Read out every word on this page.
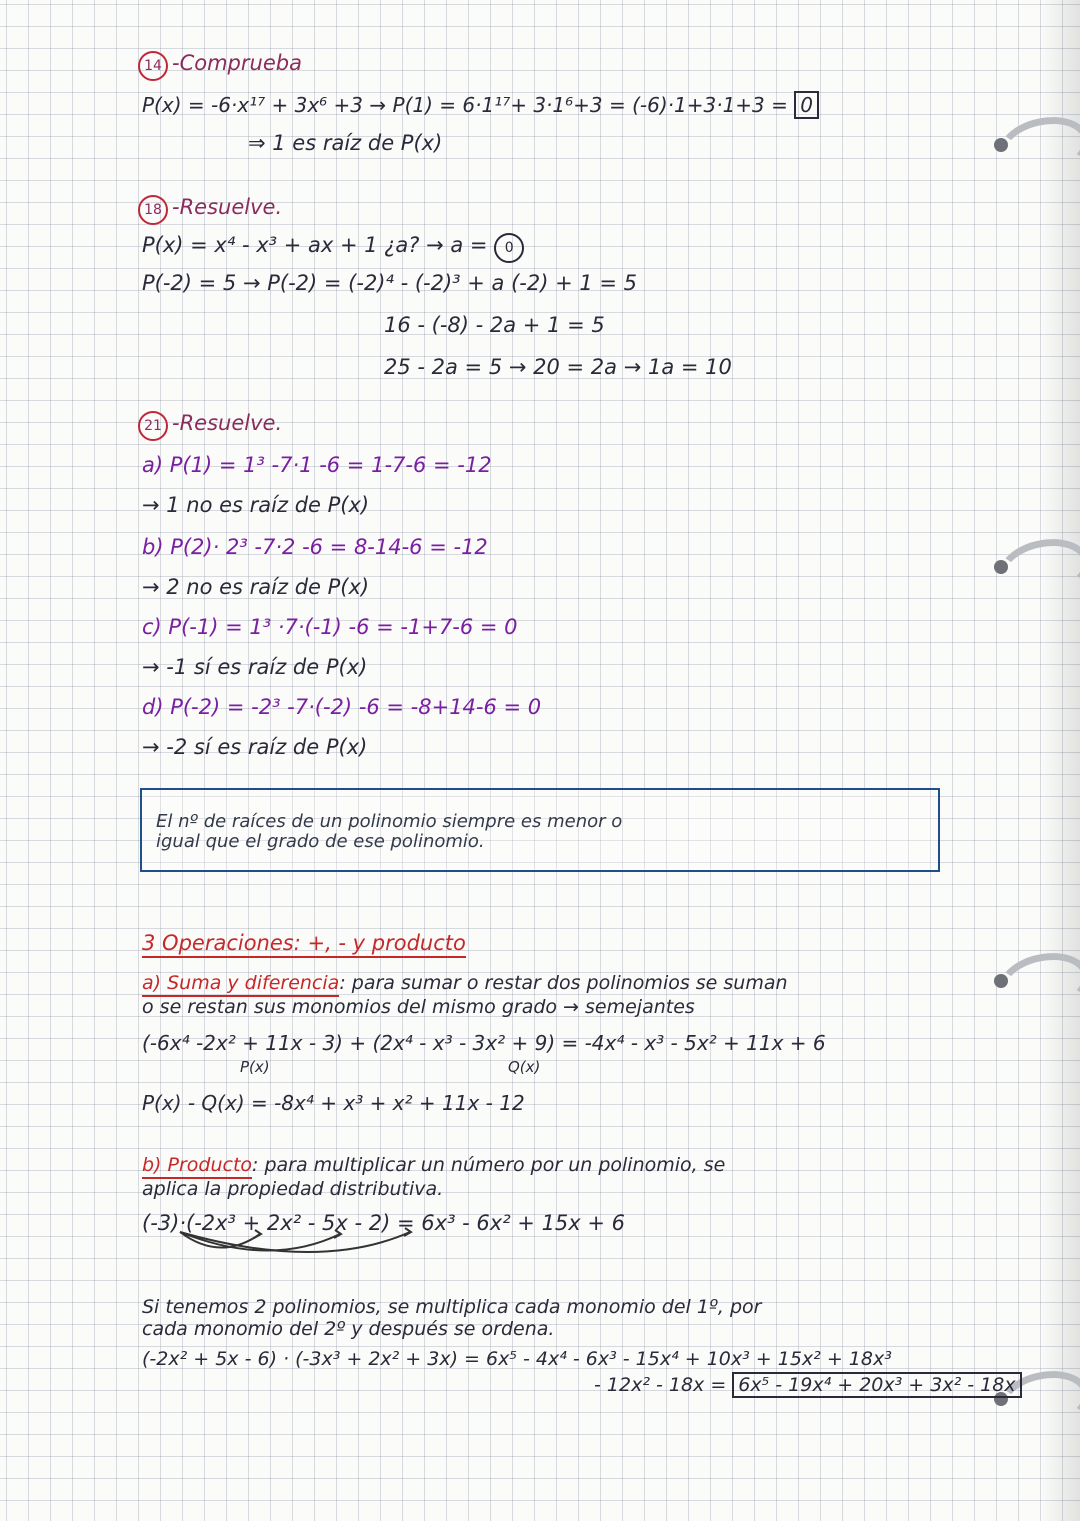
14 -Comprueba
P(x) = -6·x¹⁷ + 3x⁶ +3 → P(1) = 6·1¹⁷+ 3·1⁶+3 = (-6)·1+3·1+3 = 0
⇒ 1 es raíz de P(x)
18 -Resuelve.
P(x) = x⁴ - x³ + ax + 1 ¿a? → a = 0
P(-2) = 5 → P(-2) = (-2)⁴ - (-2)³ + a (-2) + 1 = 5
16 - (-8) - 2a + 1 = 5
25 - 2a = 5 → 20 = 2a → 1a = 10
21 -Resuelve.
a) P(1) = 1³ -7·1 -6 = 1-7-6 = -12
→ 1 no es raíz de P(x)
b) P(2)· 2³ -7·2 -6 = 8-14-6 = -12
→ 2 no es raíz de P(x)
c) P(-1) = 1³ ·7·(-1) -6 = -1+7-6 = 0
→ -1 sí es raíz de P(x)
d) P(-2) = -2³ -7·(-2) -6 = -8+14-6 = 0
→ -2 sí es raíz de P(x)
El nº de raíces de un polinomio siempre es menor o
igual que el grado de ese polinomio.
3 Operaciones: +, - y producto
a) Suma y diferencia: para sumar o restar dos polinomios se suman
o se restan sus monomios del mismo grado → semejantes
(-6x⁴ -2x² + 11x - 3) + (2x⁴ - x³ - 3x² + 9) = -4x⁴ - x³ - 5x² + 11x + 6
P(x)	Q(x)
P(x) - Q(x) = -8x⁴ + x³ + x² + 11x - 12
b) Producto: para multiplicar un número por un polinomio, se
aplica la propiedad distributiva.
(-3)·(-2x³ + 2x² - 5x - 2) = 6x³ - 6x² + 15x + 6
Si tenemos 2 polinomios, se multiplica cada monomio del 1º, por
cada monomio del 2º y después se ordena.
(-2x² + 5x - 6) · (-3x³ + 2x² + 3x) = 6x⁵ - 4x⁴ - 6x³ - 15x⁴ + 10x³ + 15x² + 18x³
- 12x² - 18x = 6x⁵ - 19x⁴ + 20x³ + 3x² - 18x
